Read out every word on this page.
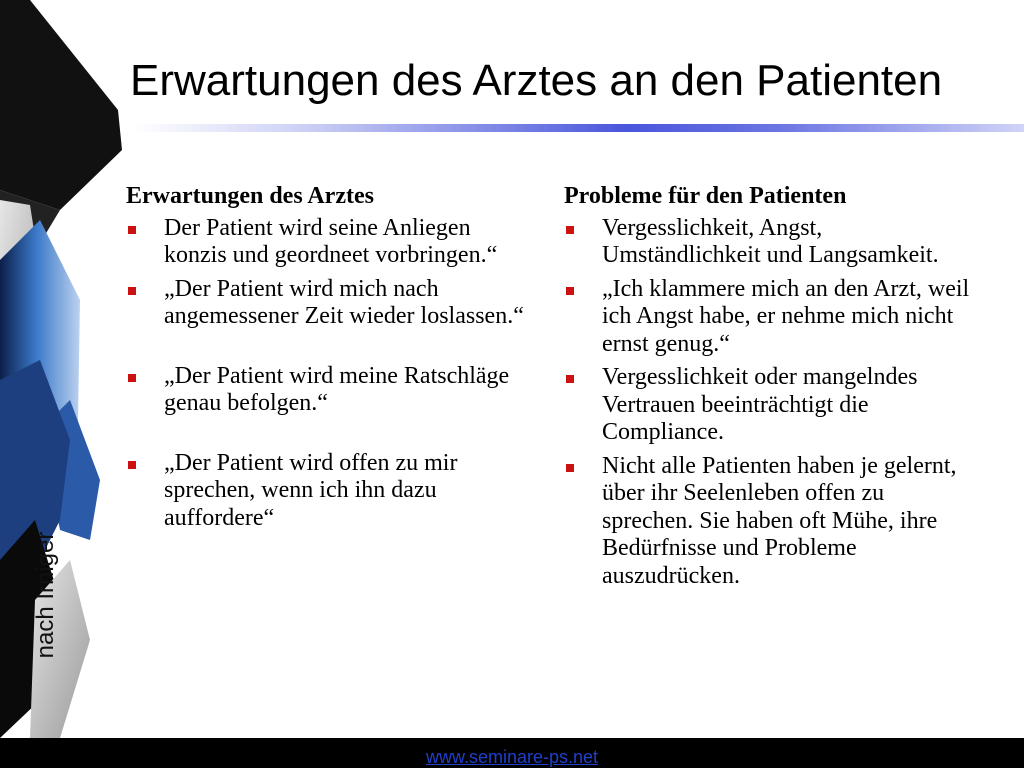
Erwartungen des Arztes an den Patienten
Erwartungen des Arztes
Der Patient wird seine Anliegen konzis und geordneet vorbringen.“
„Der Patient wird mich nach angemessener Zeit wieder loslassen.“
„Der Patient wird meine Ratschläge genau befolgen.“
„Der Patient wird offen zu mir sprechen, wenn ich ihn dazu auffordere“
Probleme für den Patienten
Vergesslichkeit, Angst, Umständlichkeit und Langsamkeit.
„Ich klammere mich an den Arzt, weil ich Angst habe, er nehme mich nicht ernst genug.“
Vergesslichkeit oder mangelndes Vertrauen beeinträchtigt die Compliance.
Nicht alle Patienten haben je gelernt, über ihr Seelenleben offen zu sprechen. Sie haben oft Mühe, ihre Bedürfnisse und Probleme auszudrücken.
nach Irniger
www.seminare-ps.net
